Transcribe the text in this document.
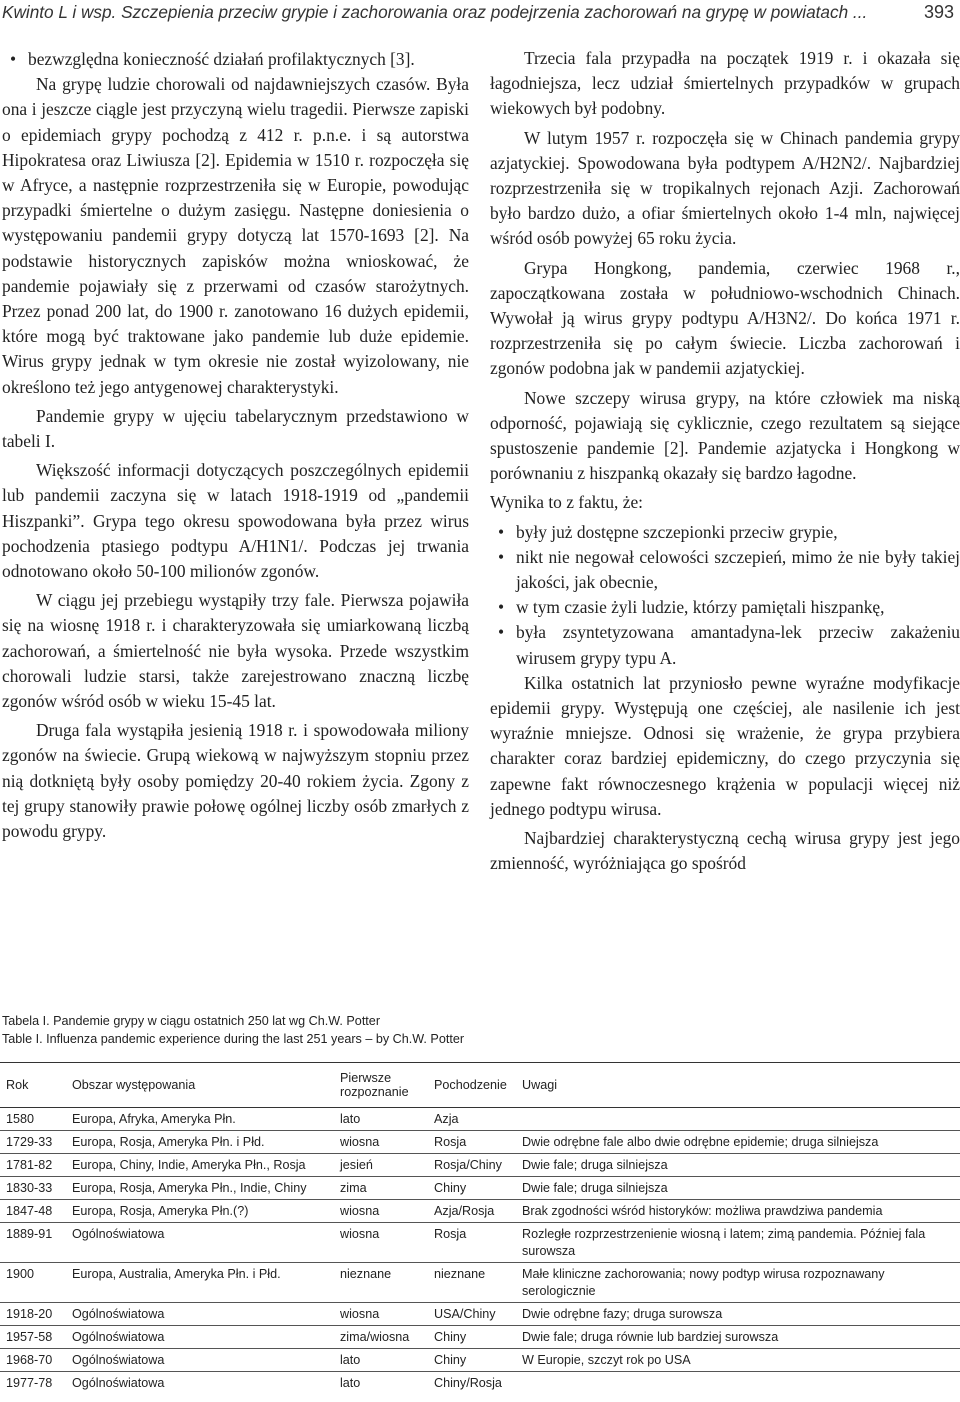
Kwinto L i wsp. Szczepienia przeciw grypie i zachorowania oraz podejrzenia zachorowań na grypę w powiatach ...	393
• bezwzględna konieczność działań profilaktycznych [3].

Na grypę ludzie chorowali od najdawniejszych czasów. Była ona i jeszcze ciągle jest przyczyną wielu tragedii. Pierwsze zapiski o epidemiach grypy pochodzą z 412 r. p.n.e. i są autorstwa Hipokratesa oraz Liwiusza [2]. Epidemia w 1510 r. rozpoczęła się w Afryce, a następnie rozprzestrzeniła się w Europie, powodując przypadki śmiertelne o dużym zasięgu. Następne doniesienia o występowaniu pandemii grypy dotyczą lat 1570-1693 [2]. Na podstawie historycznych zapisków można wnioskować, że pandemie pojawiały się z przerwami od czasów starożytnych. Przez ponad 200 lat, do 1900 r. zanotowano 16 dużych epidemii, które mogą być traktowane jako pandemie lub duże epidemie. Wirus grypy jednak w tym okresie nie został wyizolowany, nie określono też jego antygenowej charakterystyki.

Pandemie grypy w ujęciu tabelarycznym przedstawiono w tabeli I.

Większość informacji dotyczących poszczególnych epidemii lub pandemii zaczyna się w latach 1918-1919 od „pandemii Hiszpanki”. Grypa tego okresu spowodowana była przez wirus pochodzenia ptasiego podtypu A/H1N1/. Podczas jej trwania odnotowano około 50-100 milionów zgonów.

W ciągu jej przebiegu wystąpiły trzy fale. Pierwsza pojawiła się na wiosnę 1918 r. i charakteryzowała się umiarkowaną liczbą zachorowań, a śmiertelność nie była wysoka. Przede wszystkim chorowali ludzie starsi, także zarejestrowano znaczną liczbę zgonów wśród osób w wieku 15-45 lat.

Druga fala wystąpiła jesienią 1918 r. i spowodowała miliony zgonów na świecie. Grupą wiekową w najwyższym stopniu przez nią dotkniętą były osoby pomiędzy 20-40 rokiem życia. Zgony z tej grupy stanowiły prawie połowę ogólnej liczby osób zmarłych z powodu grypy.

Trzecia fala przypadła na początek 1919 r. i okazała się łagodniejsza, lecz udział śmiertelnych przypadków w grupach wiekowych był podobny.

W lutym 1957 r. rozpoczęła się w Chinach pandemia grypy azjatyckiej. Spowodowana była podtypem A/H2N2/. Najbardziej rozprzestrzeniła się w tropikalnych rejonach Azji. Zachorowań było bardzo dużo, a ofiar śmiertelnych około 1-4 mln, najwięcej wśród osób powyżej 65 roku życia.

Grypa Hongkong, pandemia, czerwiec 1968 r., zapoczątkowana została w południowo-wschodnich Chinach. Wywołał ją wirus grypy podtypu A/H3N2/. Do końca 1971 r. rozprzestrzeniła się po całym świecie. Liczba zachorowań i zgonów podobna jak w pandemii azjatyckiej.

Nowe szczepy wirusa grypy, na które człowiek ma niską odporność, pojawiają się cyklicznie, czego rezultatem są siejące spustoszenie pandemie [2]. Pandemie azjatycka i Hongkong w porównaniu z hiszpanką okazały się bardzo łagodne.

Wynika to z faktu, że:

• były już dostępne szczepionki przeciw grypie,
• nikt nie negował celowości szczepień, mimo że nie były takiej jakości, jak obecnie,
• w tym czasie żyli ludzie, którzy pamiętali hiszpankę,
• była zsyntetyzowana amantadyna-lek przeciw zakażeniu wirusem grypy typu A.

Kilka ostatnich lat przyniosło pewne wyraźne modyfikacje epidemii grypy. Występują one częściej, ale nasilenie ich jest wyraźnie mniejsze. Odnosi się wrażenie, że grypa przybiera charakter coraz bardziej epidemiczny, do czego przyczynia się zapewne fakt równoczesnego krążenia w populacji więcej niż jednego podtypu wirusa.

Najbardziej charakterystyczną cechą wirusa grypy jest jego zmienność, wyróżniająca go spośród

Tabela I. Pandemie grypy w ciągu ostatnich 250 lat wg Ch.W. Potter
Table I. Influenza pandemic experience during the last 251 years – by Ch.W. Potter
Rok	Obszar występowania	Pierwsze rozpoznanie	Pochodzenie	Uwagi
1580	Europa, Afryka, Ameryka Płn.	lato	Azja	
1729-33	Europa, Rosja, Ameryka Płn. i Płd.	wiosna	Rosja	Dwie odrębne fale albo dwie odrębne epidemie; druga silniejsza
1781-82	Europa, Chiny, Indie, Ameryka Płn., Rosja	jesień	Rosja/Chiny	Dwie fale; druga silniejsza
1830-33	Europa, Rosja, Ameryka Płn., Indie, Chiny	zima	Chiny	Dwie fale; druga silniejsza
1847-48	Europa, Rosja, Ameryka Płn.(?)	wiosna	Azja/Rosja	Brak zgodności wśród historyków: możliwa prawdziwa pandemia
1889-91	Ogólnoświatowa	wiosna	Rosja	Rozległe rozprzestrzenienie wiosną i latem; zimą pandemia. Później fala surowsza
1900	Europa, Australia, Ameryka Płn. i Płd.	nieznane	nieznane	Małe kliniczne zachorowania; nowy podtyp wirusa rozpoznawany serologicznie
1918-20	Ogólnoświatowa	wiosna	USA/Chiny	Dwie odrębne fazy; druga surowsza
1957-58	Ogólnoświatowa	zima/wiosna	Chiny	Dwie fale; druga równie lub bardziej surowsza
1968-70	Ogólnoświatowa	lato	Chiny	W Europie, szczyt rok po USA
1977-78	Ogólnoświatowa	lato	Chiny/Rosja	
